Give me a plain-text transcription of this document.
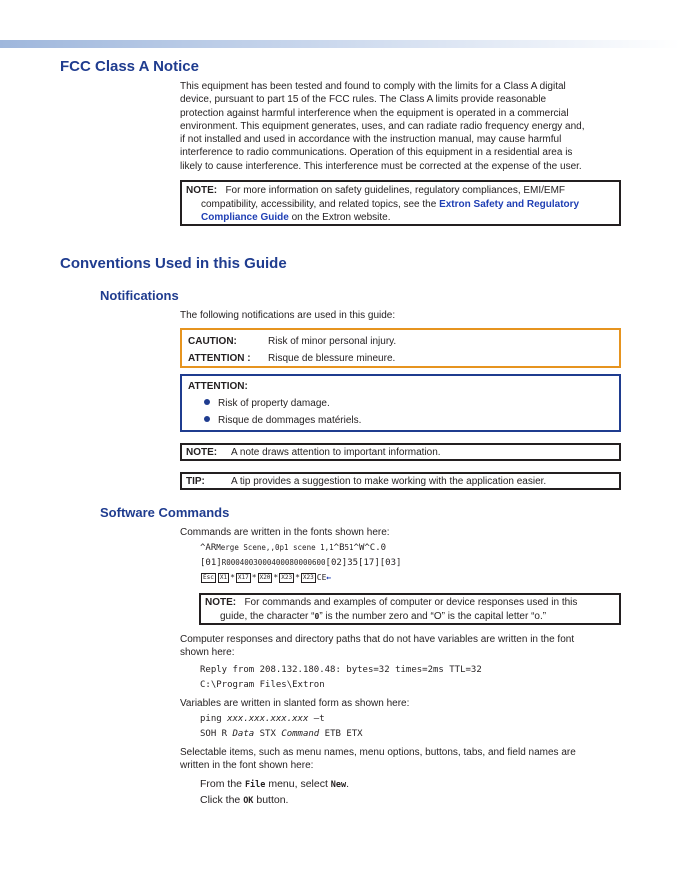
FCC Class A Notice
This equipment has been tested and found to comply with the limits for a Class A digital
device, pursuant to part 15 of the FCC rules. The Class A limits provide reasonable
protection against harmful interference when the equipment is operated in a commercial
environment. This equipment generates, uses, and can radiate radio frequency energy and,
if not installed and used in accordance with the instruction manual, may cause harmful
interference to radio communications. Operation of this equipment in a residential area is
likely to cause interference. This interference must be corrected at the expense of the user.
NOTE: For more information on safety guidelines, regulatory compliances, EMI/EMF
compatibility, accessibility, and related topics, see the Extron Safety and Regulatory
Compliance Guide on the Extron website.
Conventions Used in this Guide
Notifications
The following notifications are used in this guide:
CAUTION:	Risk of minor personal injury.
ATTENTION : Risque de blessure mineure.
ATTENTION:
Risk of property damage.
Risque de dommages matériels.
NOTE: A note draws attention to important information.
TIP:	A tip provides a suggestion to make working with the application easier.
Software Commands
Commands are written in the fonts shown here:
^ARMerge Scene,,0p1 scene 1,1^B51^W^C.0
[01]R0004003000400080000600[02]35[17][03]
Esc X1 * X17 * X20 * X23 * X23 CE←
NOTE: For commands and examples of computer or device responses used in this
guide, the character “0” is the number zero and “O” is the capital letter “o.”
Computer responses and directory paths that do not have variables are written in the font
shown here:
Reply from 208.132.180.48: bytes=32 times=2ms TTL=32
C:\Program Files\Extron
Variables are written in slanted form as shown here:
ping xxx.xxx.xxx.xxx —t
SOH R Data STX Command ETB ETX
Selectable items, such as menu names, menu options, buttons, tabs, and field names are
written in the font shown here:
From the File menu, select New.
Click the OK button.
